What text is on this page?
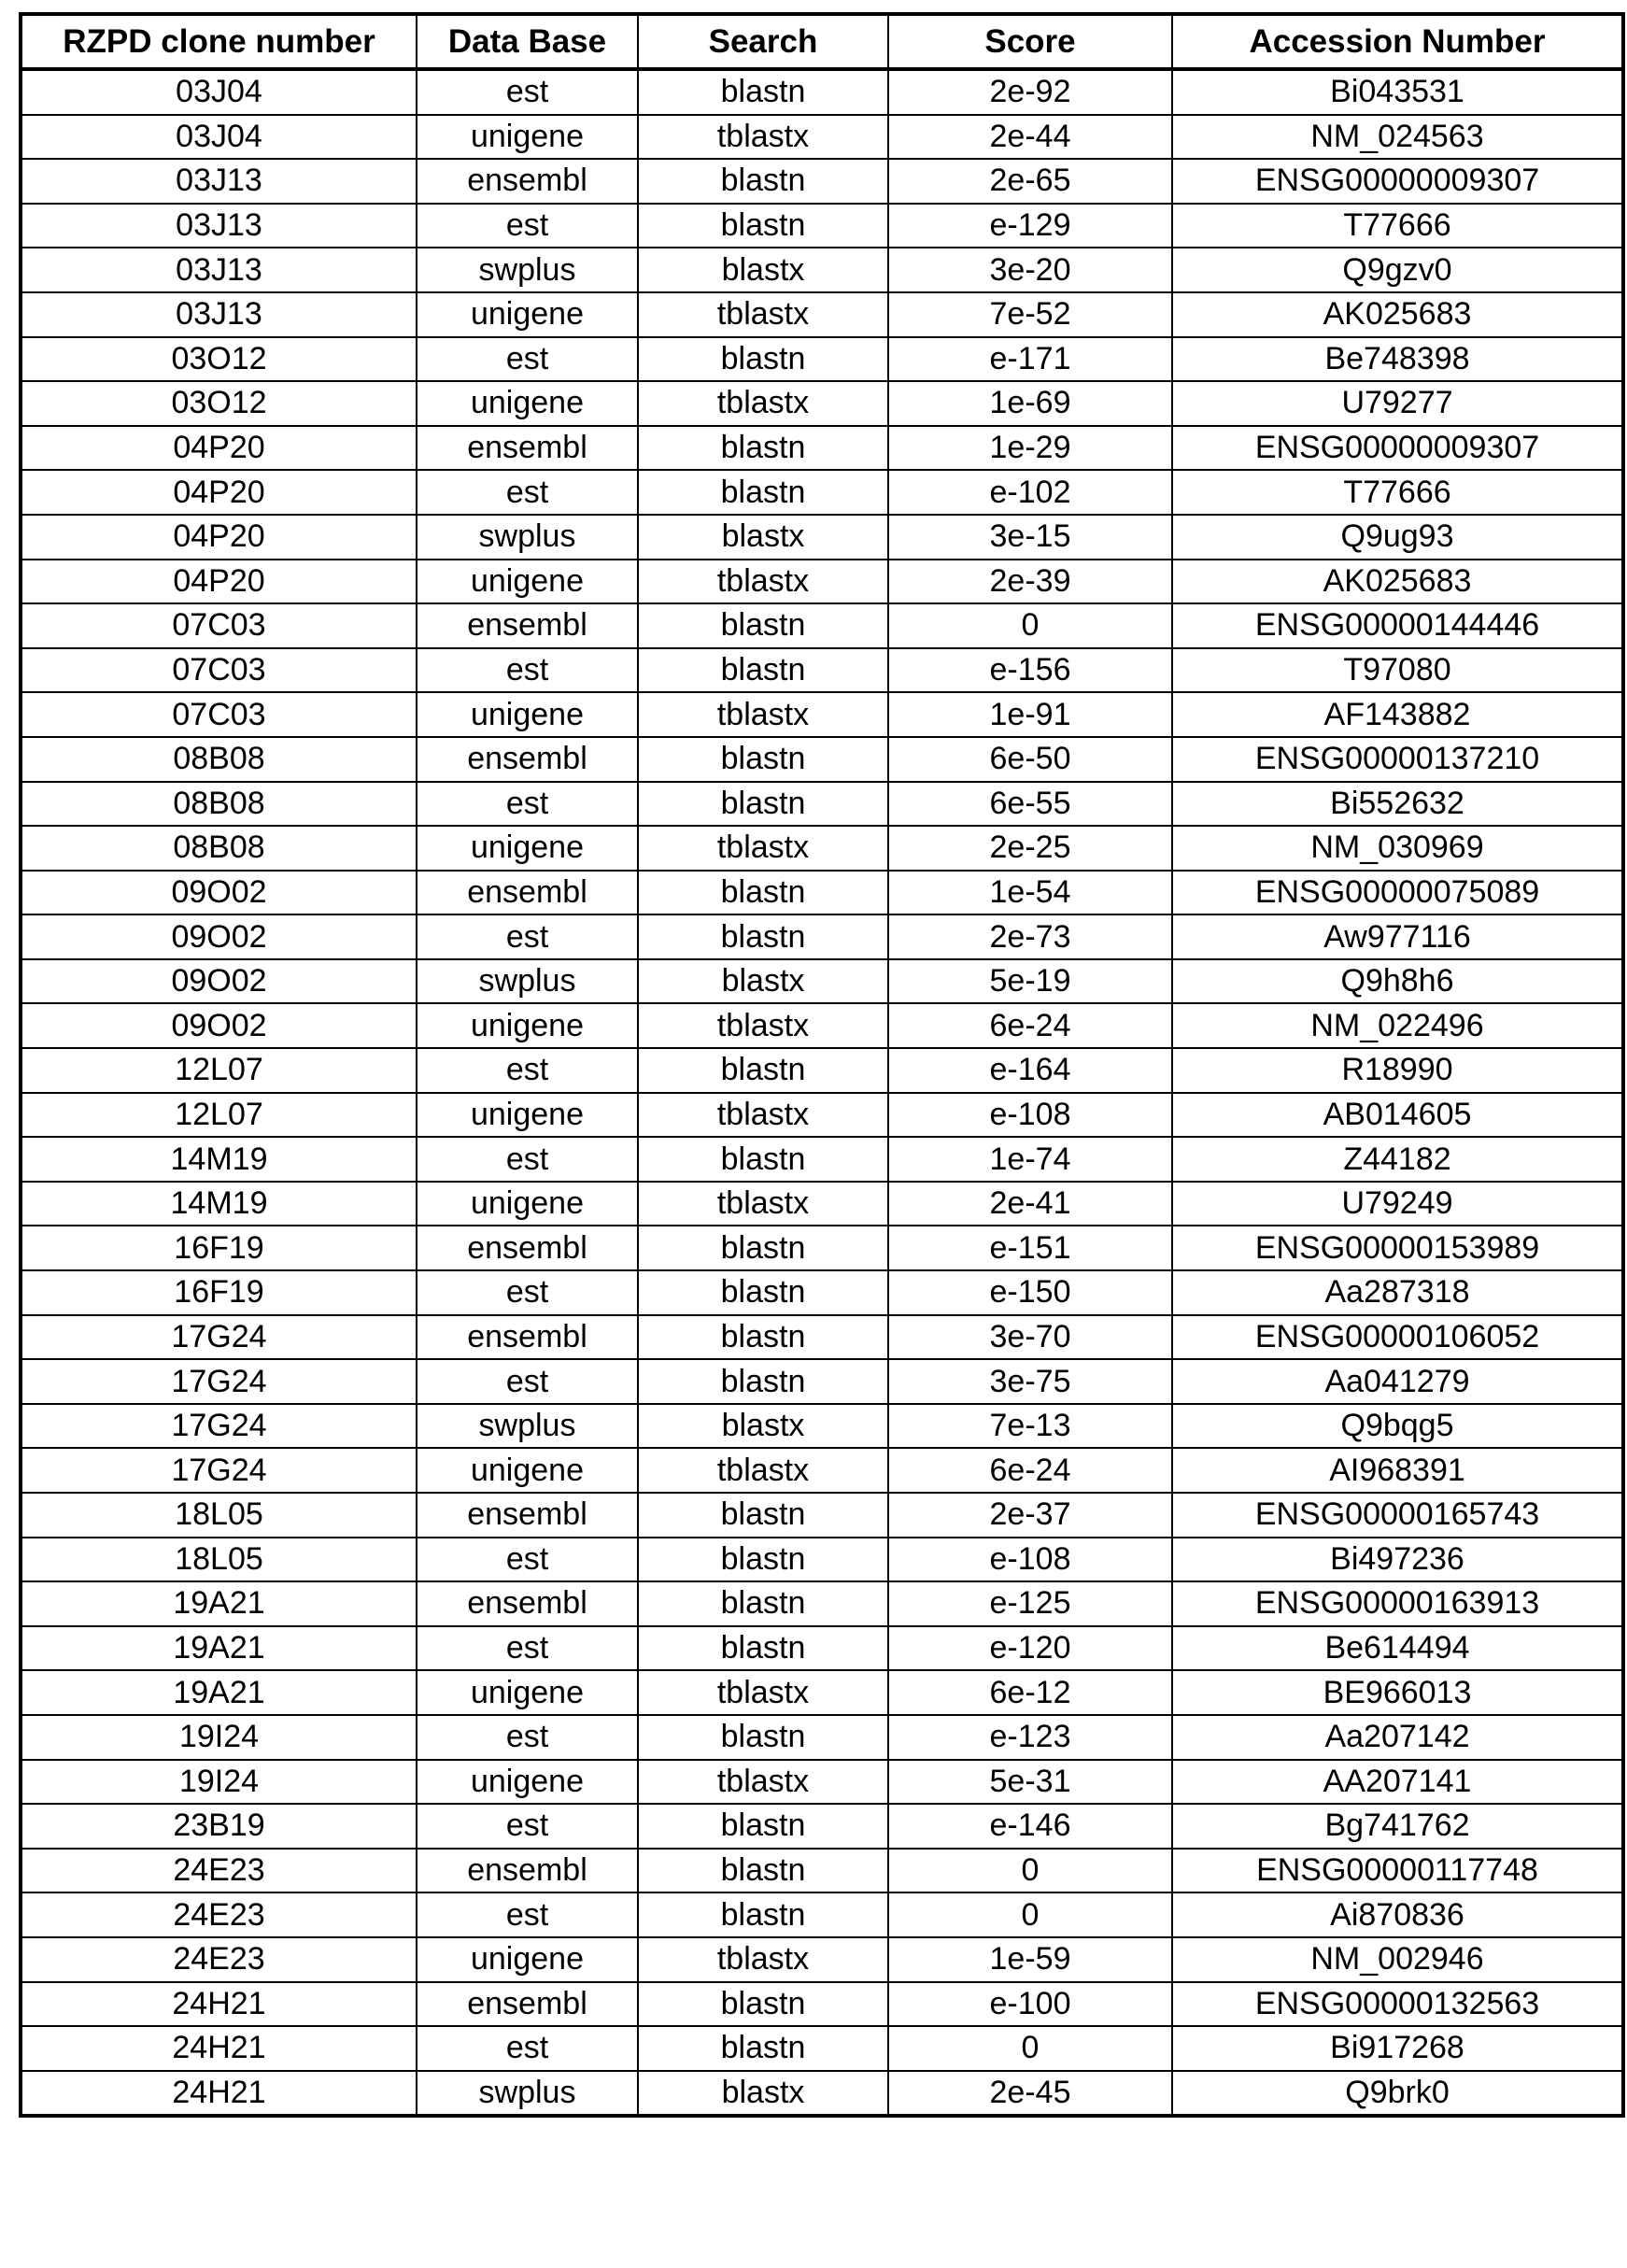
RZPD clone number	Data Base	Search	Score	Accession Number
03J04	est	blastn	2e-92	Bi043531
03J04	unigene	tblastx	2e-44	NM_024563
03J13	ensembl	blastn	2e-65	ENSG00000009307
03J13	est	blastn	e-129	T77666
03J13	swplus	blastx	3e-20	Q9gzv0
03J13	unigene	tblastx	7e-52	AK025683
03O12	est	blastn	e-171	Be748398
03O12	unigene	tblastx	1e-69	U79277
04P20	ensembl	blastn	1e-29	ENSG00000009307
04P20	est	blastn	e-102	T77666
04P20	swplus	blastx	3e-15	Q9ug93
04P20	unigene	tblastx	2e-39	AK025683
07C03	ensembl	blastn	0	ENSG00000144446
07C03	est	blastn	e-156	T97080
07C03	unigene	tblastx	1e-91	AF143882
08B08	ensembl	blastn	6e-50	ENSG00000137210
08B08	est	blastn	6e-55	Bi552632
08B08	unigene	tblastx	2e-25	NM_030969
09O02	ensembl	blastn	1e-54	ENSG00000075089
09O02	est	blastn	2e-73	Aw977116
09O02	swplus	blastx	5e-19	Q9h8h6
09O02	unigene	tblastx	6e-24	NM_022496
12L07	est	blastn	e-164	R18990
12L07	unigene	tblastx	e-108	AB014605
14M19	est	blastn	1e-74	Z44182
14M19	unigene	tblastx	2e-41	U79249
16F19	ensembl	blastn	e-151	ENSG00000153989
16F19	est	blastn	e-150	Aa287318
17G24	ensembl	blastn	3e-70	ENSG00000106052
17G24	est	blastn	3e-75	Aa041279
17G24	swplus	blastx	7e-13	Q9bqg5
17G24	unigene	tblastx	6e-24	AI968391
18L05	ensembl	blastn	2e-37	ENSG00000165743
18L05	est	blastn	e-108	Bi497236
19A21	ensembl	blastn	e-125	ENSG00000163913
19A21	est	blastn	e-120	Be614494
19A21	unigene	tblastx	6e-12	BE966013
19I24	est	blastn	e-123	Aa207142
19I24	unigene	tblastx	5e-31	AA207141
23B19	est	blastn	e-146	Bg741762
24E23	ensembl	blastn	0	ENSG00000117748
24E23	est	blastn	0	Ai870836
24E23	unigene	tblastx	1e-59	NM_002946
24H21	ensembl	blastn	e-100	ENSG00000132563
24H21	est	blastn	0	Bi917268
24H21	swplus	blastx	2e-45	Q9brk0
